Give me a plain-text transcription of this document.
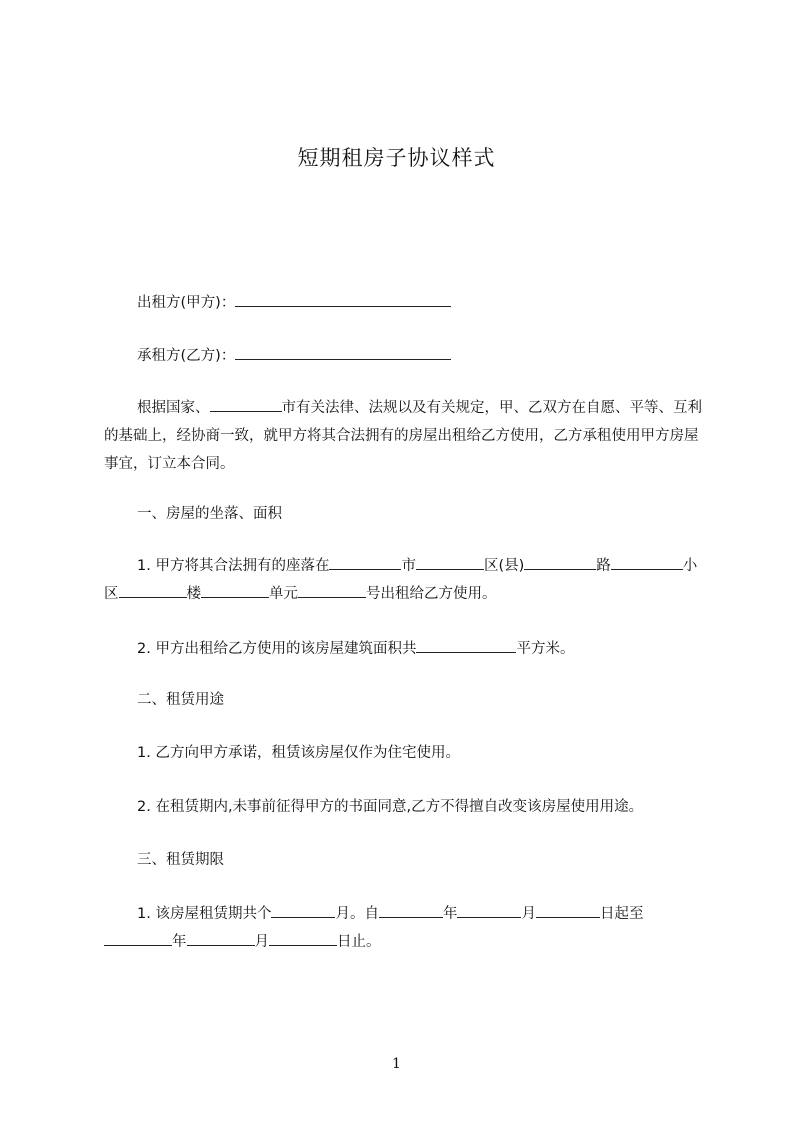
短期租房子协议样式
出租方(甲方)：
承租方(乙方)：
根据国家、	市有关法律、法规以及有关规定，甲、乙双方在自愿、平等、互利的基础上，经协商一致，就甲方将其合法拥有的房屋出租给乙方使用，乙方承租使用甲方房屋事宜，订立本合同。
一、房屋的坐落、面积
1. 甲方将其合法拥有的座落在	市	区(县)	路	小区	楼	单元	号出租给乙方使用。
2. 甲方出租给乙方使用的该房屋建筑面积共	平方米。
二、租赁用途
1. 乙方向甲方承诺，租赁该房屋仅作为住宅使用。
2. 在租赁期内,未事前征得甲方的书面同意,乙方不得擅自改变该房屋使用用途。
三、租赁期限
1. 该房屋租赁期共个	月。自	年	月	日起至年	月	日止。
1
